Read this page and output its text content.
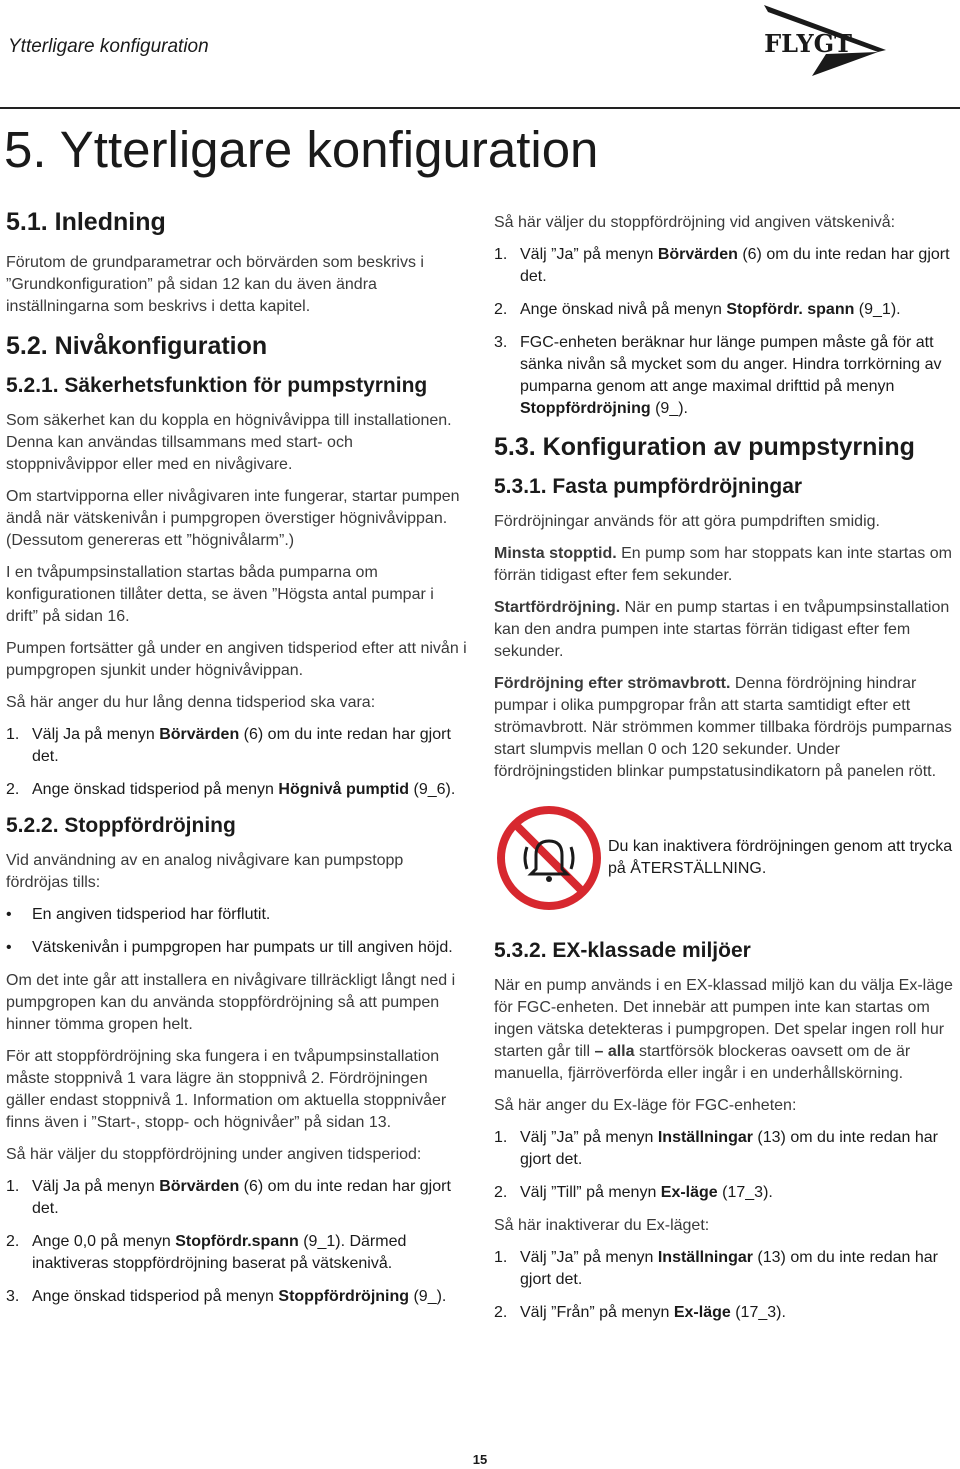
Ytterligare konfiguration	FLYGT
5. Ytterligare konfiguration
5.1. Inledning

Förutom de grundparametrar och börvärden som beskrivs i ”Grundkonfiguration” på sidan 12 kan du även ändra inställningarna som beskrivs i detta kapitel.

5.2. Nivåkonfiguration
5.2.1. Säkerhetsfunktion för pumpstyrning

Som säkerhet kan du koppla en högnivåvippa till installationen. Denna kan användas tillsammans med start- och stoppnivåvippor eller med en nivågivare.

Om startvipporna eller nivågivaren inte fungerar, startar pumpen ändå när vätskenivån i pumpgropen överstiger högnivåvippan. (Dessutom genereras ett ”högnivålarm”.)

I en tvåpumpsinstallation startas båda pumparna om konfigurationen tillåter detta, se även ”Högsta antal pumpar i drift” på sidan 16.

Pumpen fortsätter gå under en angiven tidsperiod efter att nivån i pumpgropen sjunkit under högnivåvippan.

Så här anger du hur lång denna tidsperiod ska vara:

1. Välj Ja på menyn Börvärden (6) om du inte redan har gjort det.
2. Ange önskad tidsperiod på menyn Högnivå pumptid (9_6).
5.2.2. Stoppfördröjning

Vid användning av en analog nivågivare kan pumpstopp fördröjas tills:

•	En angiven tidsperiod har förflutit.
•	Vätskenivån i pumpgropen har pumpats ur till angiven höjd.

Om det inte går att installera en nivågivare tillräckligt långt ned i pumpgropen kan du använda stoppfördröjning så att pumpen hinner tömma gropen helt.

För att stoppfördröjning ska fungera i en tvåpumpsinstallation måste stoppnivå 1 vara lägre än stoppnivå 2. Fördröjningen gäller endast stoppnivå 1. Information om aktuella stoppnivåer finns även i ”Start-, stopp- och högnivåer” på sidan 13.

Så här väljer du stoppfördröjning under angiven tidsperiod:

1. Välj Ja på menyn Börvärden (6) om du inte redan har gjort det.
2. Ange 0,0 på menyn Stopfördr.spann (9_1). Därmed inaktiveras stoppfördröjning baserat på vätskenivå.
3. Ange önskad tidsperiod på menyn Stoppfördröjning (9_).

Så här väljer du stoppfördröjning vid angiven vätskenivå:

1. Välj ”Ja” på menyn Börvärden (6) om du inte redan har gjort det.
2. Ange önskad nivå på menyn Stopfördr. spann (9_1).
3. FGC-enheten beräknar hur länge pumpen måste gå för att sänka nivån så mycket som du anger. Hindra torrkörning av pumparna genom att ange maximal drifttid på menyn Stoppfördröjning (9_).
5.3. Konfiguration av pumpstyrning
5.3.1. Fasta pumpfördröjningar

Fördröjningar används för att göra pumpdriften smidig.

Minsta stopptid. En pump som har stoppats kan inte startas om förrän tidigast efter fem sekunder.

Startfördröjning. När en pump startas i en tvåpumpsinstallation kan den andra pumpen inte startas förrän tidigast efter fem sekunder.

Fördröjning efter strömavbrott. Denna fördröjning hindrar pumpar i olika pumpgropar från att starta samtidigt efter ett strömavbrott. När strömmen kommer tillbaka fördröjs pumparnas start slumpvis mellan 0 och 120 sekunder. Under fördröjningstiden blinkar pumpstatusindikatorn på panelen rött.

Du kan inaktivera fördröjningen genom att trycka på ÅTERSTÄLLNING.
5.3.2. EX-klassade miljöer

När en pump används i en EX-klassad miljö kan du välja Ex-läge för FGC-enheten. Det innebär att pumpen inte kan startas om ingen vätska detekteras i pumpgropen. Det spelar ingen roll hur starten går till – alla startförsök blockeras oavsett om de är manuella, fjärröverförda eller ingår i en underhållskörning.

Så här anger du Ex-läge för FGC-enheten:

1. Välj ”Ja” på menyn Inställningar (13) om du inte redan har gjort det.
2. Välj ”Till” på menyn Ex-läge (17_3).

Så här inaktiverar du Ex-läget:

1. Välj ”Ja” på menyn Inställningar (13) om du inte redan har gjort det.
2. Välj ”Från” på menyn Ex-läge (17_3).
15
